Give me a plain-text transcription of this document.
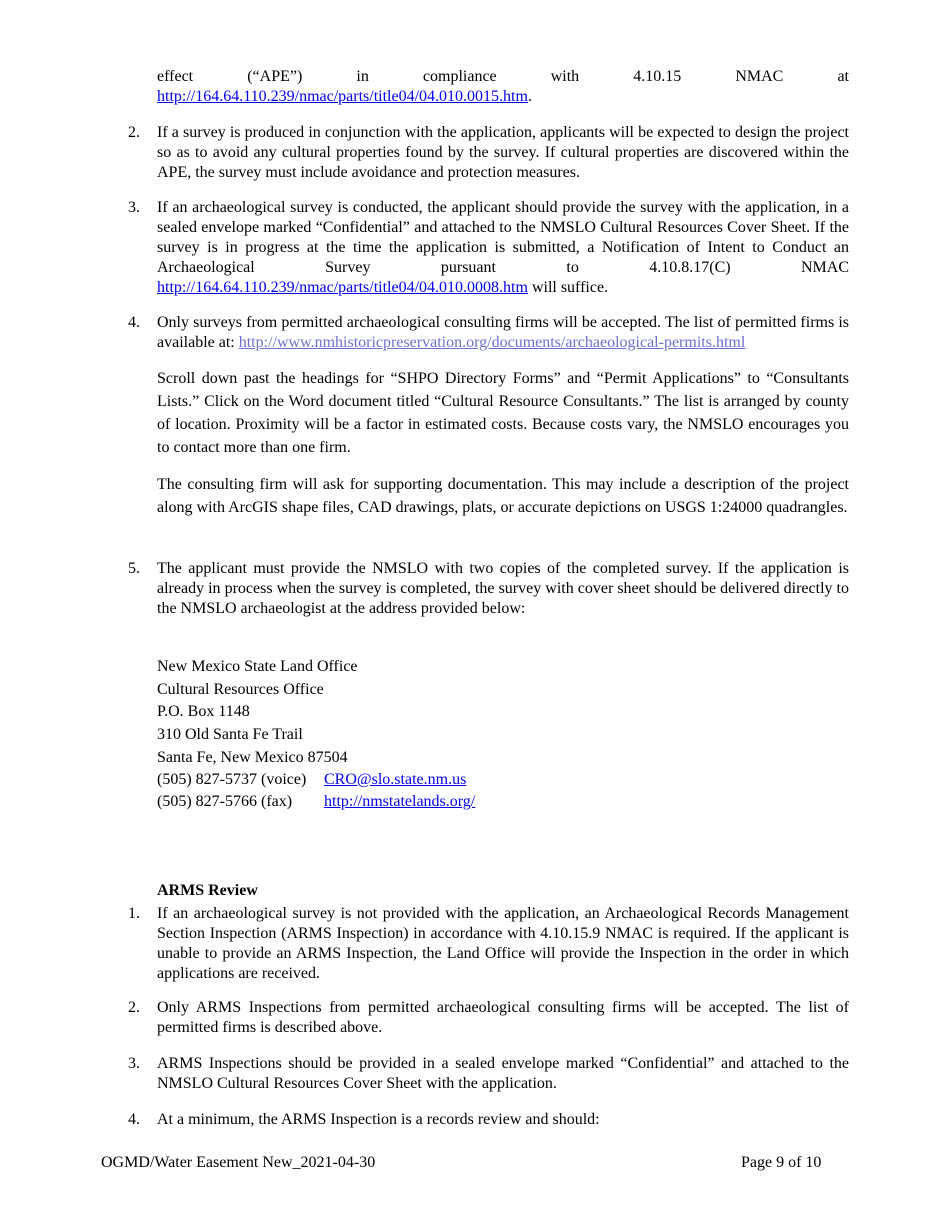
effect	(“APE”)	in	compliance	with	4.10.15	NMAC	at
http://164.64.110.239/nmac/parts/title04/04.010.0015.htm.
2. If a survey is produced in conjunction with the application, applicants will be expected to design the project so as to avoid any cultural properties found by the survey. If cultural properties are discovered within the APE, the survey must include avoidance and protection measures.
3. If an archaeological survey is conducted, the applicant should provide the survey with the application, in a sealed envelope marked “Confidential” and attached to the NMSLO Cultural Resources Cover Sheet. If the survey is in progress at the time the application is submitted, a Notification of Intent to Conduct an Archaeological Survey pursuant to 4.10.8.17(C) NMAC http://164.64.110.239/nmac/parts/title04/04.010.0008.htm will suffice.
4. Only surveys from permitted archaeological consulting firms will be accepted. The list of permitted firms is available at: http://www.nmhistoricpreservation.org/documents/archaeological-permits.html
Scroll down past the headings for “SHPO Directory Forms” and “Permit Applications” to “Consultants Lists.” Click on the Word document titled “Cultural Resource Consultants.” The list is arranged by county of location. Proximity will be a factor in estimated costs. Because costs vary, the NMSLO encourages you to contact more than one firm.
The consulting firm will ask for supporting documentation. This may include a description of the project along with ArcGIS shape files, CAD drawings, plats, or accurate depictions on USGS 1:24000 quadrangles.
5. The applicant must provide the NMSLO with two copies of the completed survey. If the application is already in process when the survey is completed, the survey with cover sheet should be delivered directly to the NMSLO archaeologist at the address provided below:
New Mexico State Land Office
Cultural Resources Office
P.O. Box 1148
310 Old Santa Fe Trail
Santa Fe, New Mexico 87504
(505) 827-5737 (voice) CRO@slo.state.nm.us
(505) 827-5766 (fax) http://nmstatelands.org/
ARMS Review
1. If an archaeological survey is not provided with the application, an Archaeological Records Management Section Inspection (ARMS Inspection) in accordance with 4.10.15.9 NMAC is required. If the applicant is unable to provide an ARMS Inspection, the Land Office will provide the Inspection in the order in which applications are received.
2. Only ARMS Inspections from permitted archaeological consulting firms will be accepted. The list of permitted firms is described above.
3. ARMS Inspections should be provided in a sealed envelope marked “Confidential” and attached to the NMSLO Cultural Resources Cover Sheet with the application.
4. At a minimum, the ARMS Inspection is a records review and should:
OGMD/Water Easement New_2021-04-30	Page 9 of 10
